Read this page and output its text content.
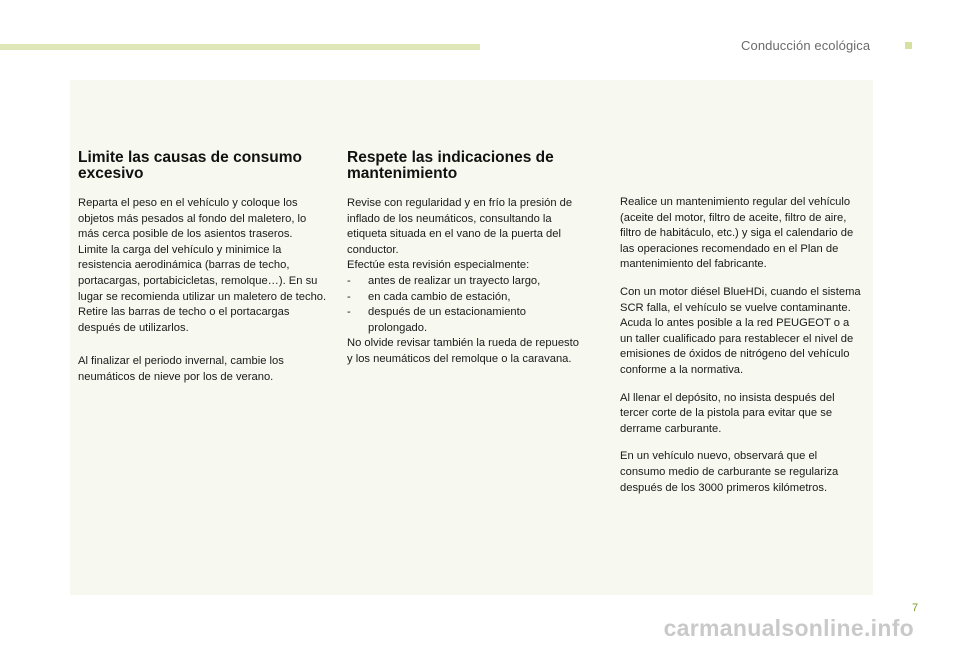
Conducción ecológica
Limite las causas de consumo excesivo

Reparta el peso en el vehículo y coloque los objetos más pesados al fondo del maletero, lo más cerca posible de los asientos traseros.
Limite la carga del vehículo y minimice la resistencia aerodinámica (barras de techo, portacargas, portabicicletas, remolque…). En su lugar se recomienda utilizar un maletero de techo.
Retire las barras de techo o el portacargas después de utilizarlos.

Al finalizar el periodo invernal, cambie los neumáticos de nieve por los de verano.

Respete las indicaciones de mantenimiento
Revise con regularidad y en frío la presión de inflado de los neumáticos, consultando la etiqueta situada en el vano de la puerta del conductor.
Efectúe esta revisión especialmente:
- antes de realizar un trayecto largo,
- en cada cambio de estación,
- después de un estacionamiento prolongado.
No olvide revisar también la rueda de repuesto y los neumáticos del remolque o la caravana.

Realice un mantenimiento regular del vehículo (aceite del motor, filtro de aceite, filtro de aire, filtro de habitáculo, etc.) y siga el calendario de las operaciones recomendado en el Plan de mantenimiento del fabricante.

Con un motor diésel BlueHDi, cuando el sistema SCR falla, el vehículo se vuelve contaminante. Acuda lo antes posible a la red PEUGEOT o a un taller cualificado para restablecer el nivel de emisiones de óxidos de nitrógeno del vehículo conforme a la normativa.

Al llenar el depósito, no insista después del tercer corte de la pistola para evitar que se derrame carburante.

En un vehículo nuevo, observará que el consumo medio de carburante se regulariza después de los 3000 primeros kilómetros.

7
carmanualsonline.info
